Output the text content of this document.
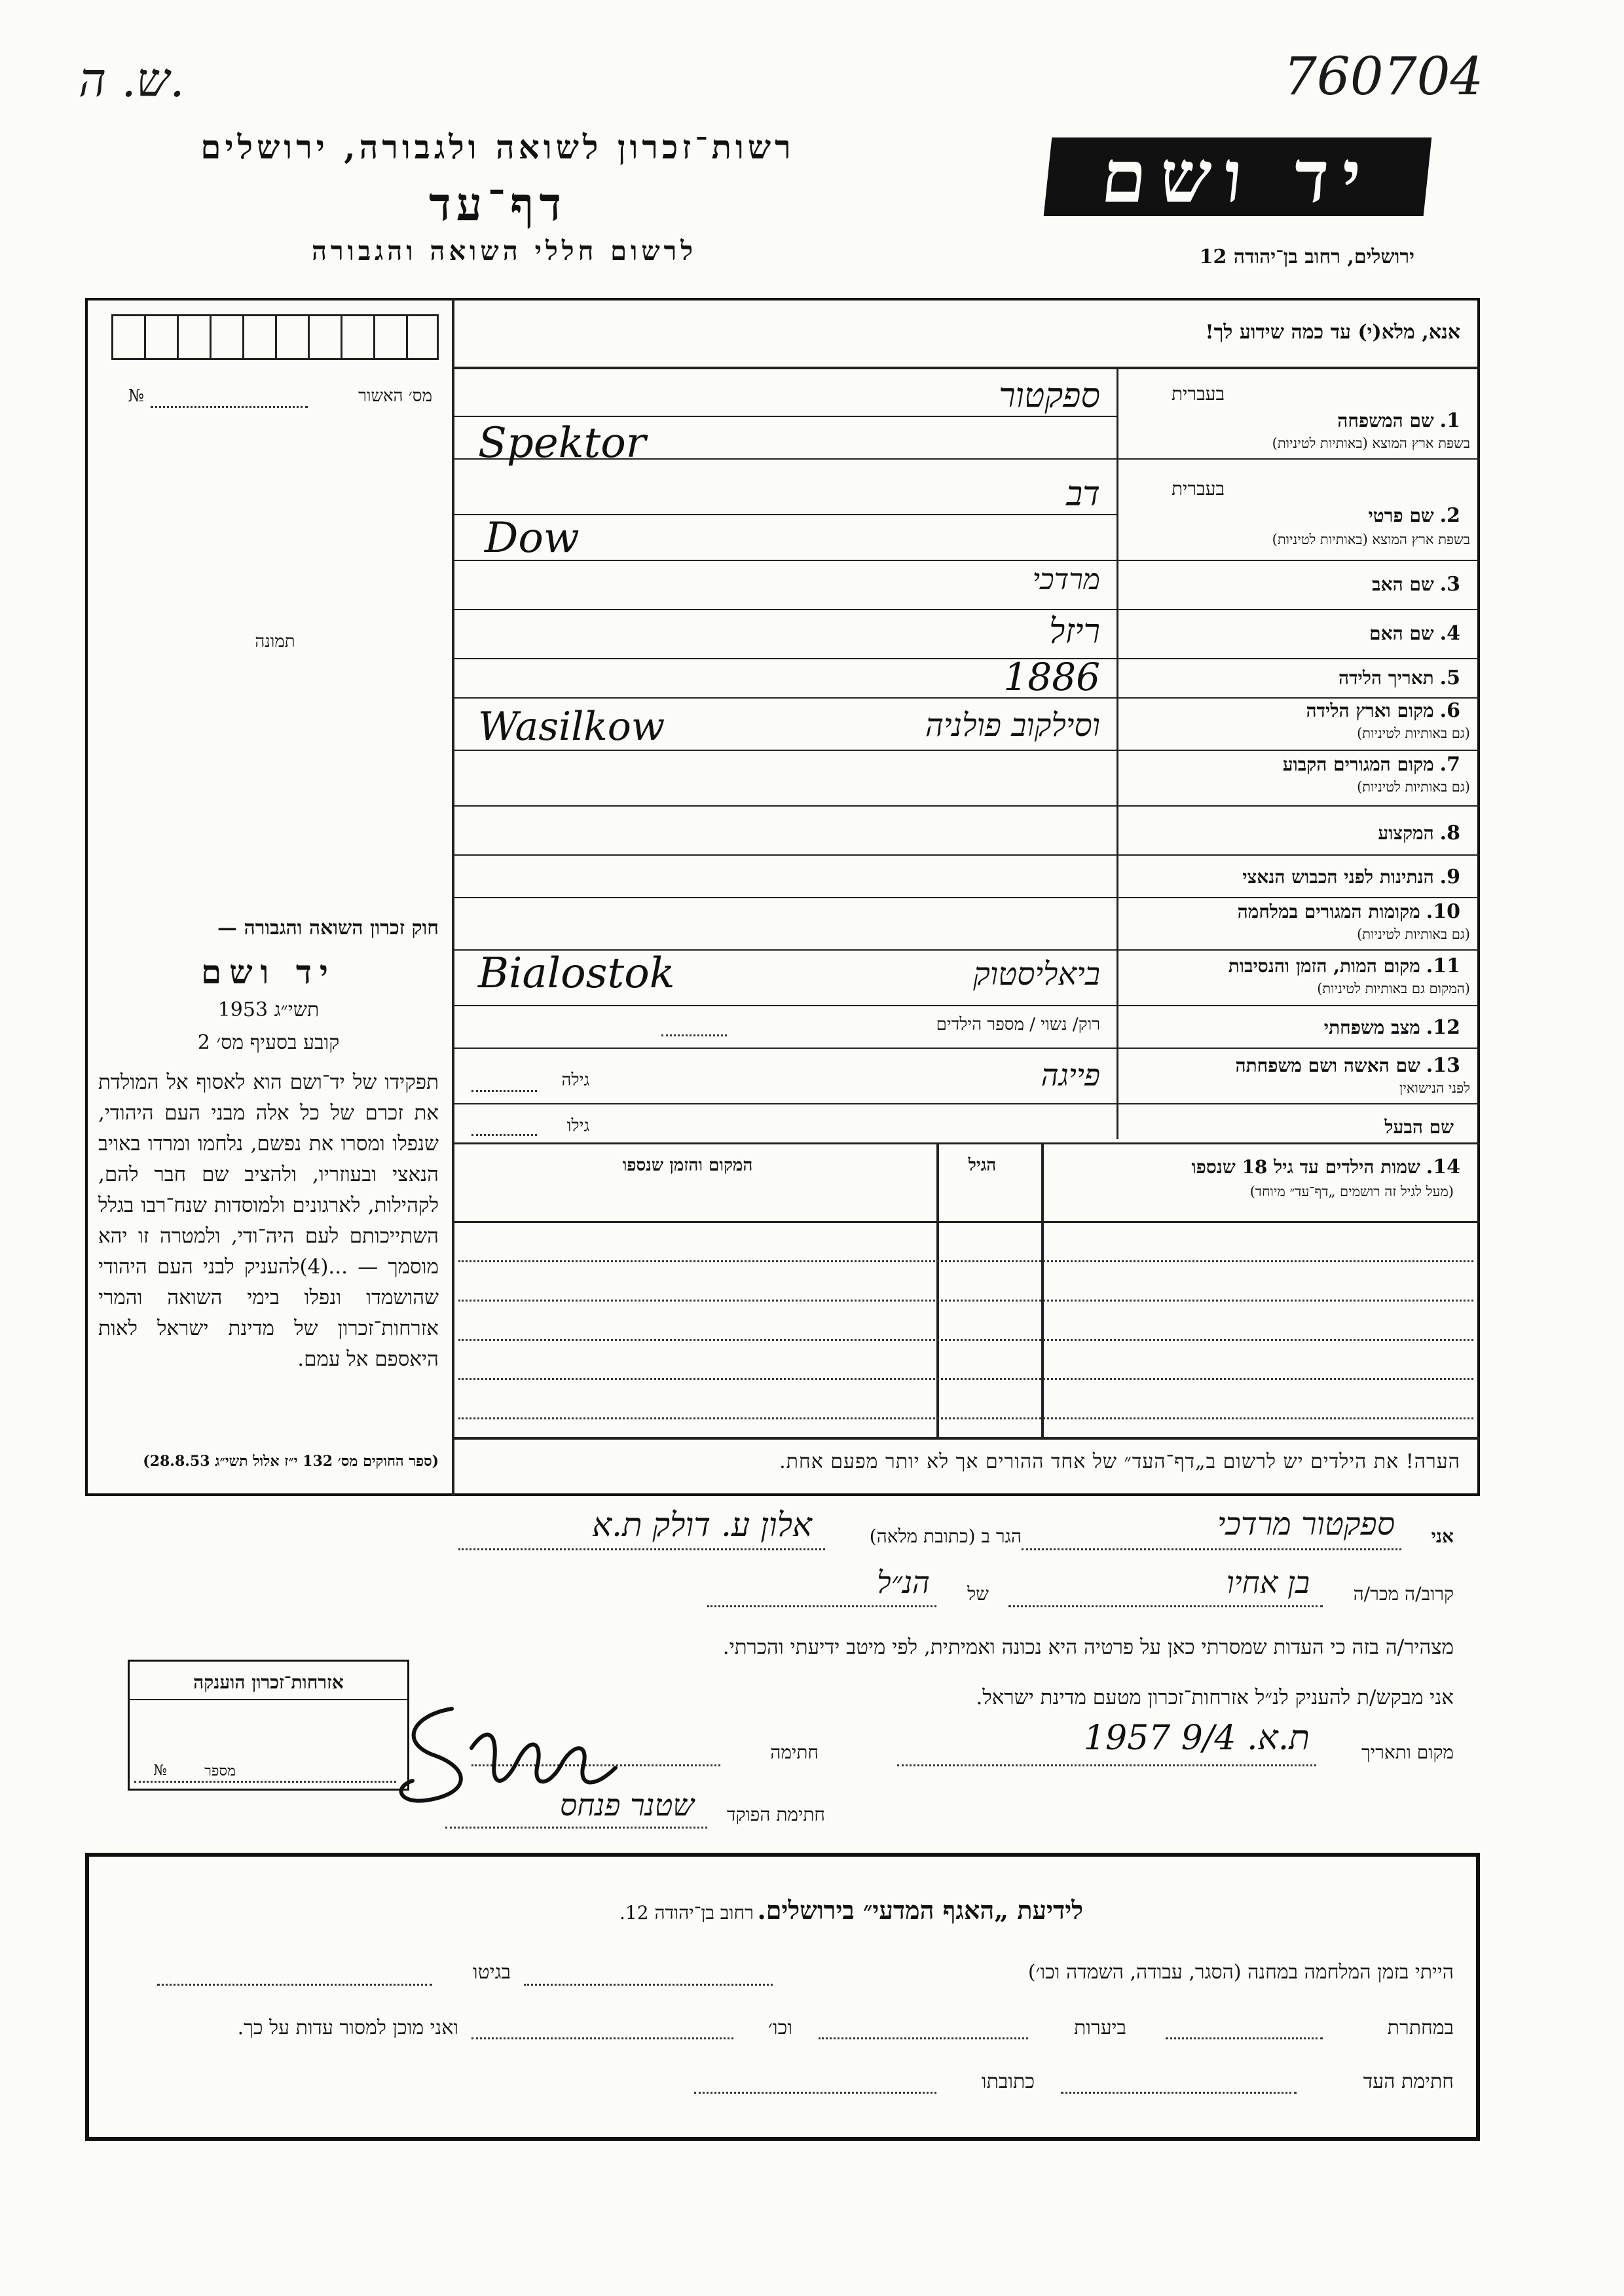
ש. ה.	760704
רשות־זכרון לשואה ולגבורה, ירושלים
דף־עד
לרשום חללי השואה והגבורה
יד ושם
ירושלים, רחוב בן־יהודה 12
מס׳ האשור
№
תמונה
אנא, מלא(י) עד כמה שידוע לך!
בעברית
1. שם המשפחה
בשפת ארץ המוצא (באותיות לטיניות)
ספקטור
Spektor
בעברית
2. שם פרטי
בשפת ארץ המוצא (באותיות לטיניות)
דב
Dow
3. שם האב
מרדכי
4. שם האם
ריזל
5. תאריך הלידה
1886
6. מקום וארץ הלידה
(גם באותיות לטיניות)
וסילקוב פולניה
Wasilkow
7. מקום המגורים הקבוע
(גם באותיות לטיניות)
8. המקצוע
9. הנתינות לפני הכבוש הנאצי
10. מקומות המגורים במלחמה
(גם באותיות לטיניות)
11. מקום המות, הזמן והנסיבות
(המקום גם באותיות לטיניות)
ביאליסטוק
Bialostok
12. מצב משפחתי
רוק/ נשוי / מספר הילדים
13. שם האשה ושם משפחתה
לפני הנישואין
פייגה
גילה
שם הבעל
גילו
14. שמות הילדים עד גיל 18 שנספו
(מעל לגיל זה רושמים „דף־עד״ מיוחד)
הגיל
המקום והזמן שנספו
הערה! את הילדים יש לרשום ב„דף־העד״ של אחד ההורים אך לא יותר מפעם אחת.
חוק זכרון השואה והגבורה —
יד ושם
תשי״ג 1953
קובע בסעיף מס׳ 2
תפקידו של יד־ושם הוא לאסוף אל המולדת את זכרם של כל אלה מבני העם היהודי, שנפלו ומסרו את נפשם, נלחמו ומרדו באויב הנאצי ובעוזריו, ולהציב שם חבר להם, לקהילות, לארגונים ולמוסדות שנח־רבו בגלל השתייכותם לעם היה־ודי, ולמטרה זו יהא מוסמך — ...(4)להעניק לבני העם היהודי שהושמדו ונפלו בימי השואה והמרי אזרחות־זכרון של מדינת ישראל לאות היאספם אל עמם.
(ספר החוקים מס׳ 132 י״ז אלול תשי״ג 28.8.53)
אני
ספקטור מרדכי
הגר ב (כתובת מלאה)
אלון ע. דולק ת.א
קרוב/ה מכר/ה
בן אחיו
של
הנ״ל
מצהיר/ה בזה כי העדות שמסרתי כאן על פרטיה היא נכונה ואמיתית, לפי מיטב ידיעתי והכרתי.
אני מבקש/ת להעניק לנ״ל אזרחות־זכרון מטעם מדינת ישראל.
מקום ותאריך
ת.א. 9/4 1957
חתימה
חתימת הפוקד
שטנר פנחס
אזרחות־זכרון הוענקה
מספר
№
לידיעת „האגף המדעי״ בירושלים. רחוב בן־יהודה 12.
הייתי בזמן המלחמה במחנה (הסגר, עבודה, השמדה וכו׳)
בגיטו
במחתרת
ביערות
וכו׳
ואני מוכן למסור עדות על כך.
חתימת העד
כתובתו
